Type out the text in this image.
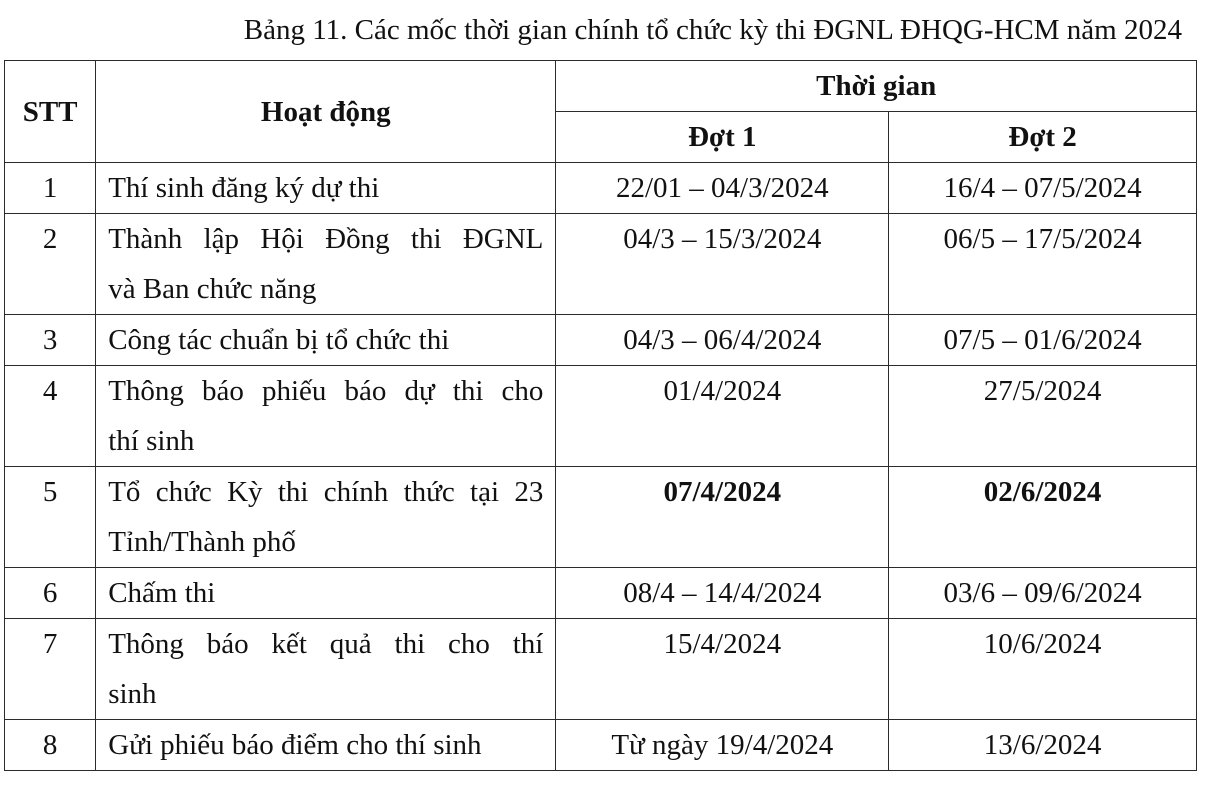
Bảng 11. Các mốc thời gian chính tổ chức kỳ thi ĐGNL ĐHQG-HCM năm 2024
STT	Hoạt động	Thời gian	
		Đợt 1	Đợt 2
1	Thí sinh đăng ký dự thi	22/01 – 04/3/2024	16/4 – 07/5/2024
2	Thành lập Hội Đồng thi ĐGNL
và Ban chức năng	04/3 – 15/3/2024	06/5 – 17/5/2024
3	Công tác chuẩn bị tổ chức thi	04/3 – 06/4/2024	07/5 – 01/6/2024
4	Thông báo phiếu báo dự thi cho
thí sinh	01/4/2024	27/5/2024
5	Tổ chức Kỳ thi chính thức tại 23
Tỉnh/Thành phố	07/4/2024	02/6/2024
6	Chấm thi	08/4 – 14/4/2024	03/6 – 09/6/2024
7	Thông báo kết quả thi cho thí
sinh	15/4/2024	10/6/2024
8	Gửi phiếu báo điểm cho thí sinh	Từ ngày 19/4/2024	13/6/2024
